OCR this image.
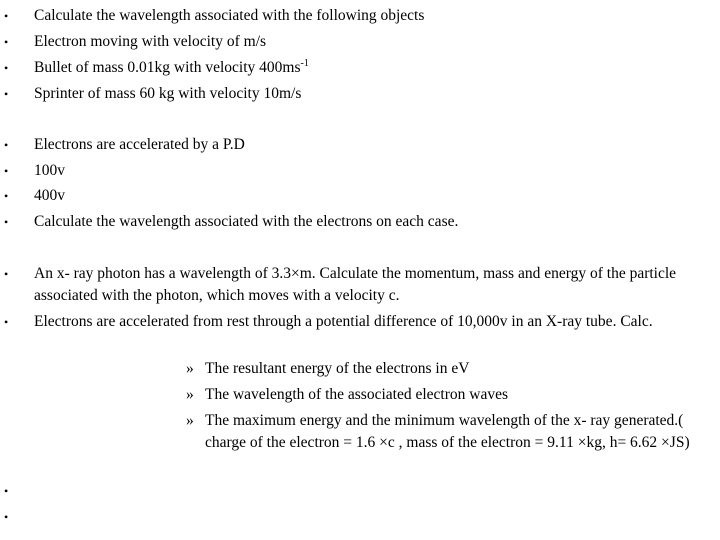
• Calculate the wavelength associated with the following objects
• Electron moving with velocity of m/s
• Bullet of mass 0.01kg with velocity $400ms^{-1}$
• Sprinter of mass 60 kg with velocity 10m/s
• Electrons are accelerated by a P.D
• 100v
• 400v
• Calculate the wavelength associated with the electrons on each case.
• An x- ray photon has a wavelength of 3.3×m. Calculate the momentum, mass and energy of the particle associated with the photon, which moves with a velocity c.
• Electrons are accelerated from rest through a potential difference of 10,000v in an X-ray tube. Calc.
» The resultant energy of the electrons in eV
» The wavelength of the associated electron waves
» The maximum energy and the minimum wavelength of the x- ray generated.( charge of the electron = 1.6 ×c , mass of the electron = 9.11 ×kg, h= 6.62 ×JS)
•
•
